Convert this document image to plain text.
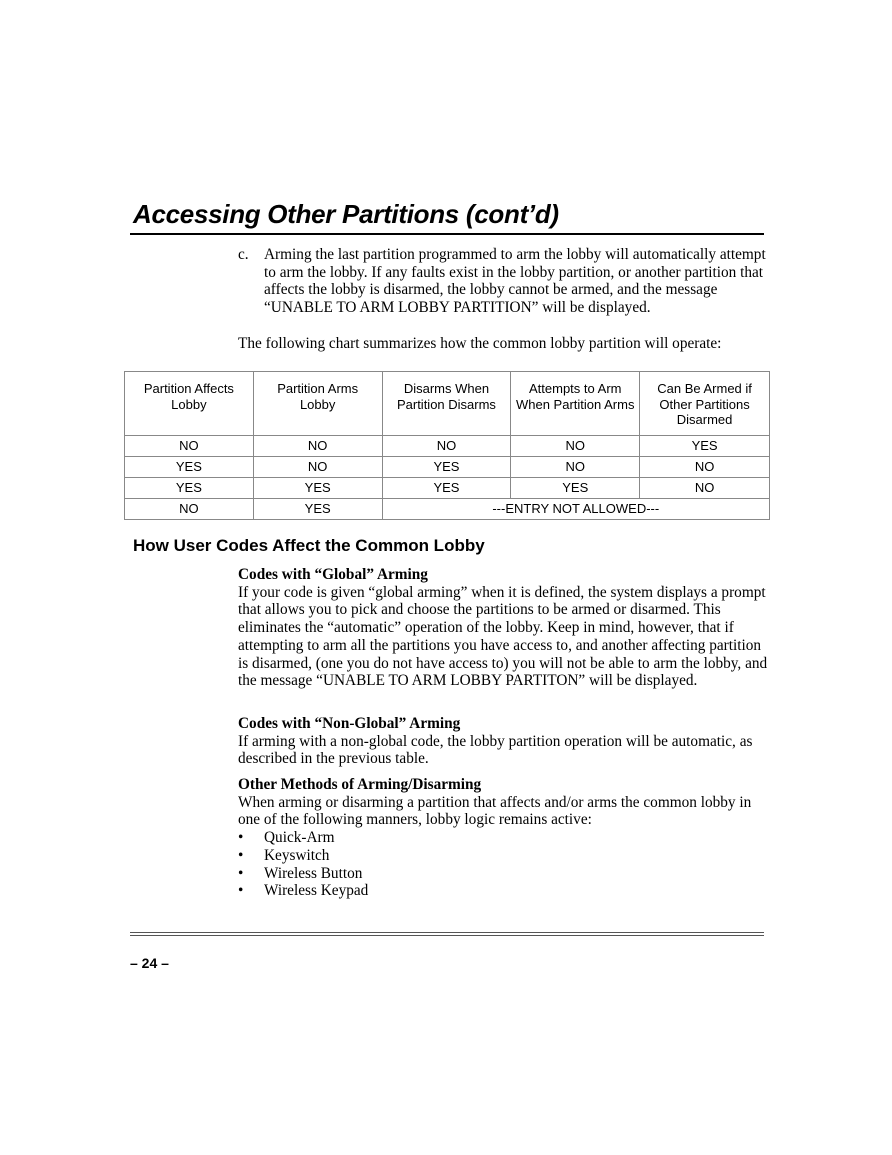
Accessing Other Partitions (cont’d)
c. Arming the last partition programmed to arm the lobby will automatically attempt to arm the lobby. If any faults exist in the lobby partition, or another partition that affects the lobby is disarmed, the lobby cannot be armed, and the message “UNABLE TO ARM LOBBY PARTITION” will be displayed.
The following chart summarizes how the common lobby partition will operate:
Partition Affects Lobby	Partition Arms Lobby	Disarms When Partition Disarms	Attempts to Arm When Partition Arms	Can Be Armed if Other Partitions Disarmed
NO	NO	NO	NO	YES
YES	NO	YES	NO	NO
YES	YES	YES	YES	NO
NO	YES	---ENTRY NOT ALLOWED---		
How User Codes Affect the Common Lobby

Codes with “Global” Arming

If your code is given “global arming” when it is defined, the system displays a prompt that allows you to pick and choose the partitions to be armed or disarmed. This eliminates the “automatic” operation of the lobby. Keep in mind, however, that if attempting to arm all the partitions you have access to, and another affecting partition is disarmed, (one you do not have access to) you will not be able to arm the lobby, and the message “UNABLE TO ARM LOBBY PARTITON” will be displayed.

Codes with “Non-Global” Arming

If arming with a non-global code, the lobby partition operation will be automatic, as described in the previous table.

Other Methods of Arming/Disarming

When arming or disarming a partition that affects and/or arms the common lobby in one of the following manners, lobby logic remains active:

• Quick-Arm
• Keyswitch
• Wireless Button
• Wireless Keypad
– 24 –
